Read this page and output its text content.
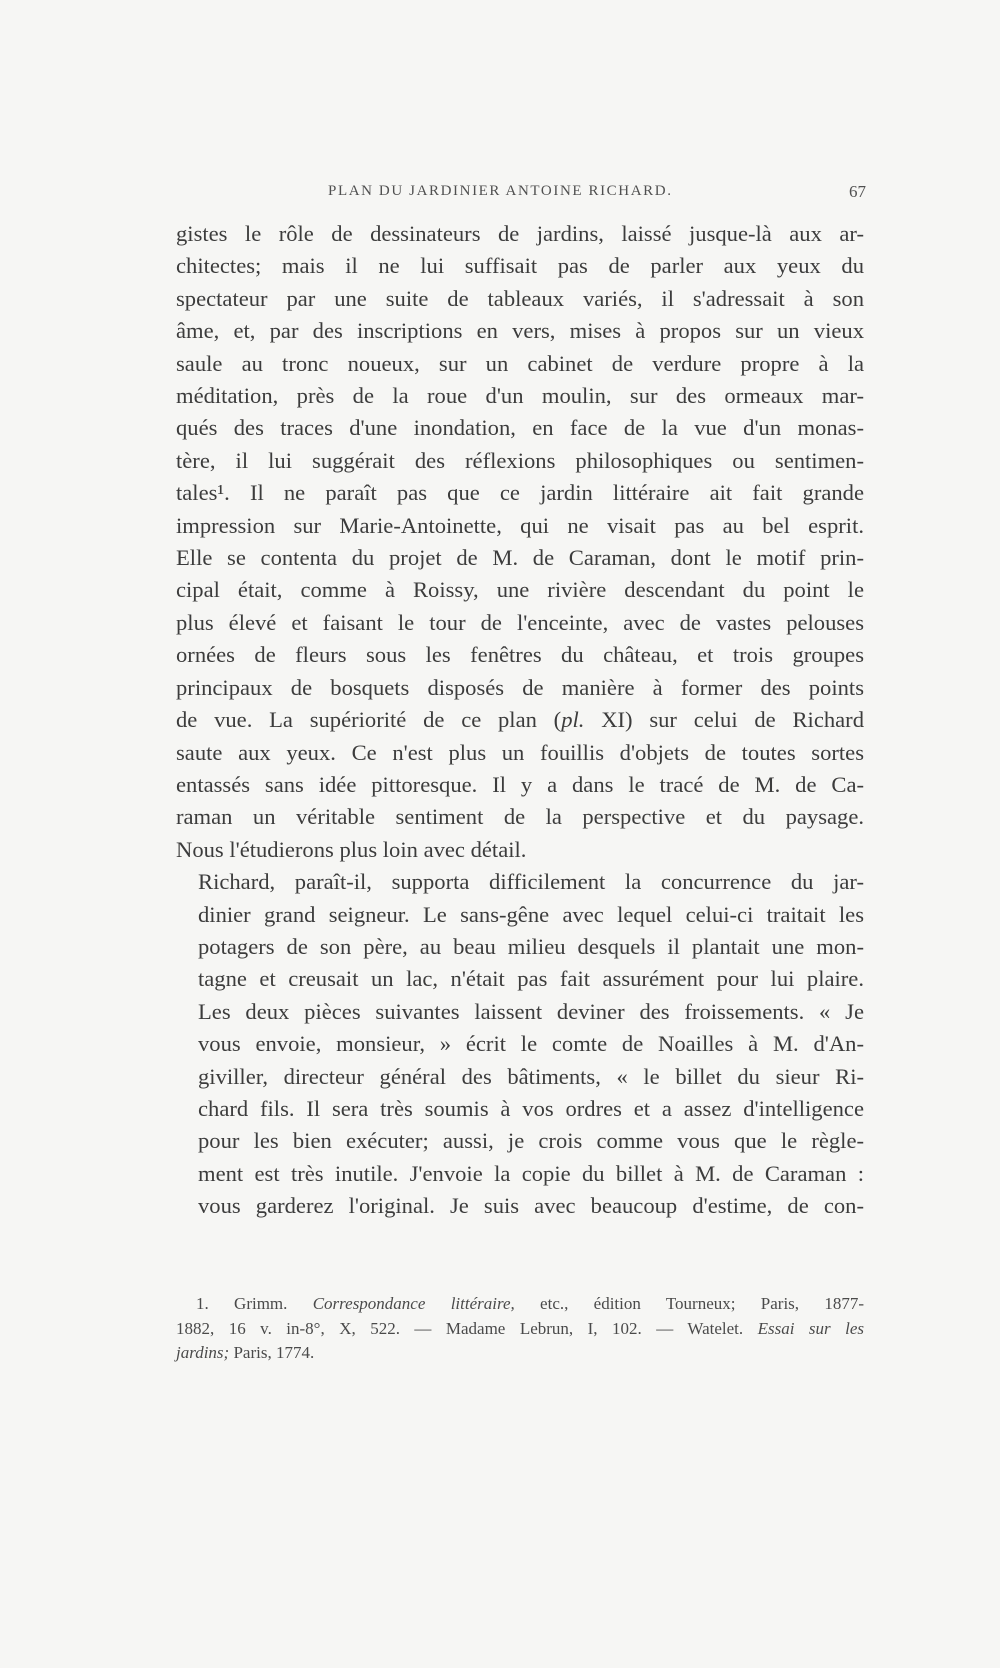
PLAN DU JARDINIER ANTOINE RICHARD.	67

gistes le rôle de dessinateurs de jardins, laissé jusque-là aux ar-
chitectes; mais il ne lui suffisait pas de parler aux yeux du
spectateur par une suite de tableaux variés, il s'adressait à son
âme, et, par des inscriptions en vers, mises à propos sur un vieux
saule au tronc noueux, sur un cabinet de verdure propre à la
méditation, près de la roue d'un moulin, sur des ormeaux mar-
qués des traces d'une inondation, en face de la vue d'un monas-
tère, il lui suggérait des réflexions philosophiques ou sentimen-
tales¹. Il ne paraît pas que ce jardin littéraire ait fait grande
impression sur Marie-Antoinette, qui ne visait pas au bel esprit.
Elle se contenta du projet de M. de Caraman, dont le motif prin-
cipal était, comme à Roissy, une rivière descendant du point le
plus élevé et faisant le tour de l'enceinte, avec de vastes pelouses
ornées de fleurs sous les fenêtres du château, et trois groupes
principaux de bosquets disposés de manière à former des points
de vue. La supériorité de ce plan (pl. XI) sur celui de Richard
saute aux yeux. Ce n'est plus un fouillis d'objets de toutes sortes
entassés sans idée pittoresque. Il y a dans le tracé de M. de Ca-
raman un véritable sentiment de la perspective et du paysage.
Nous l'étudierons plus loin avec détail.

Richard, paraît-il, supporta difficilement la concurrence du jar-
dinier grand seigneur. Le sans-gêne avec lequel celui-ci traitait les
potagers de son père, au beau milieu desquels il plantait une mon-
tagne et creusait un lac, n'était pas fait assurément pour lui plaire.
Les deux pièces suivantes laissent deviner des froissements. « Je
vous envoie, monsieur, » écrit le comte de Noailles à M. d'An-
giviller, directeur général des bâtiments, « le billet du sieur Ri-
chard fils. Il sera très soumis à vos ordres et a assez d'intelligence
pour les bien exécuter; aussi, je crois comme vous que le règle-
ment est très inutile. J'envoie la copie du billet à M. de Caraman :
vous garderez l'original. Je suis avec beaucoup d'estime, de con-

1. Grimm. Correspondance littéraire, etc., édition Tourneux; Paris, 1877-
1882, 16 v. in-8°, X, 522. — Madame Lebrun, I, 102. — Watelet. Essai sur les
jardins; Paris, 1774.
